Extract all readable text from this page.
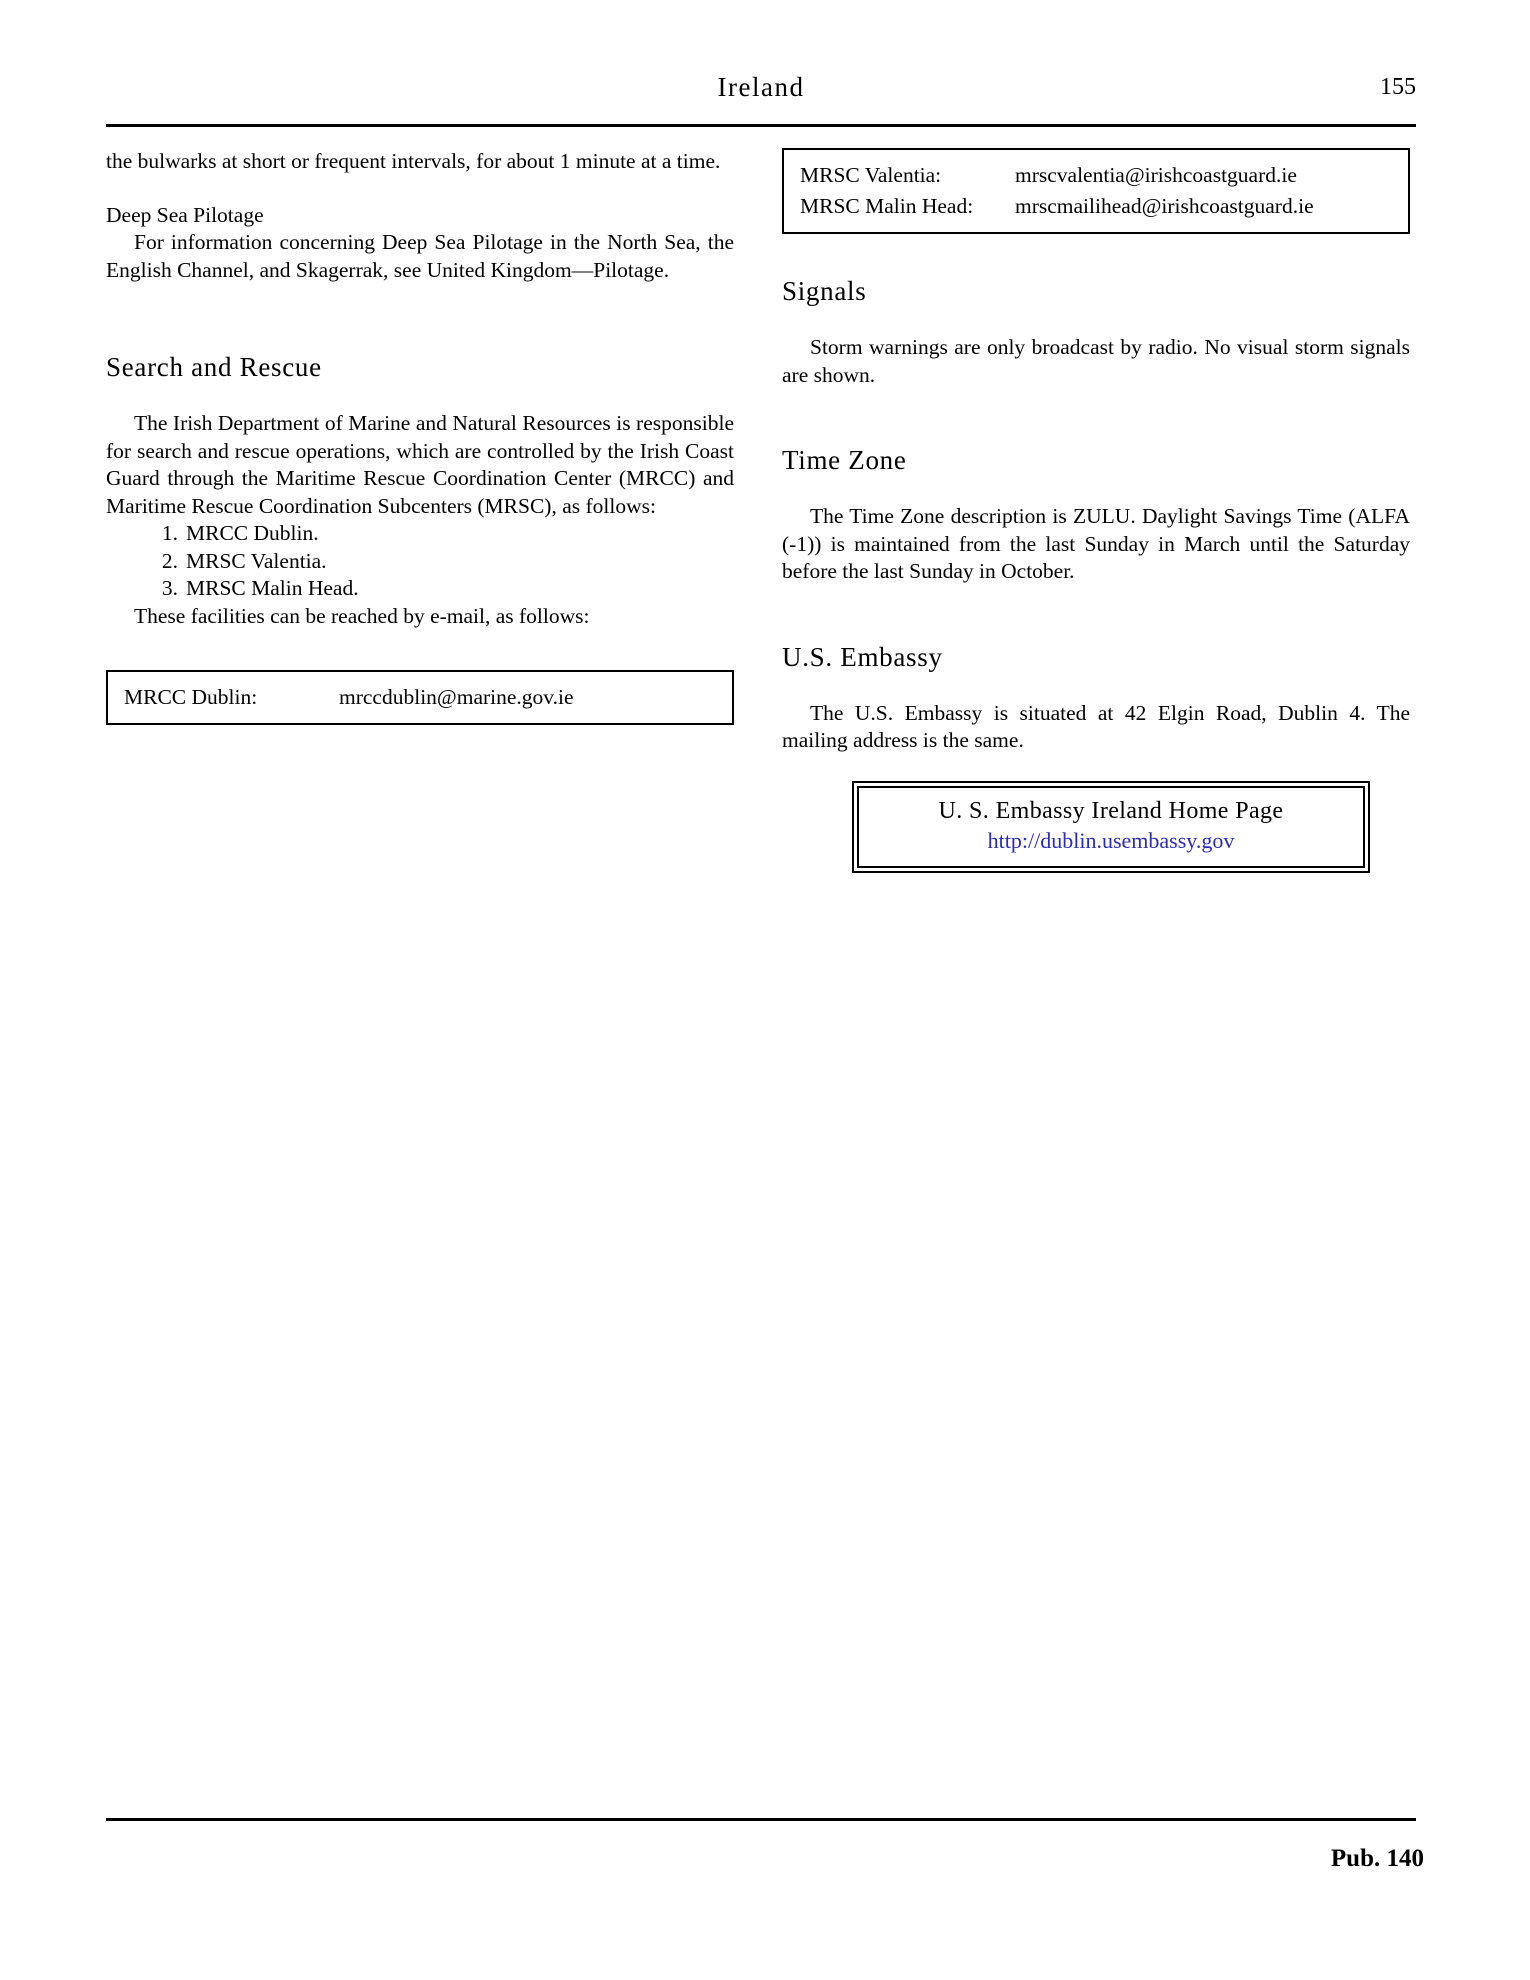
Ireland	155

the bulwarks at short or frequent intervals, for about 1 minute at a time.

Deep Sea Pilotage

For information concerning Deep Sea Pilotage in the North Sea, the English Channel, and Skagerrak, see United Kingdom—Pilotage.

Search and Rescue

The Irish Department of Marine and Natural Resources is responsible for search and rescue operations, which are controlled by the Irish Coast Guard through the Maritime Rescue Coordination Center (MRCC) and Maritime Rescue Coordination Subcenters (MRSC), as follows:

1. MRCC Dublin.
2. MRSC Valentia.
3. MRSC Malin Head.

These facilities can be reached by e-mail, as follows:

MRCC Dublin:	mrccdublin@marine.gov.ie
MRSC Valentia:	mrscvalentia@irishcoastguard.ie
MRSC Malin Head:	mrscmailihead@irishcoastguard.ie
Signals

Storm warnings are only broadcast by radio. No visual storm signals are shown.

Time Zone

The Time Zone description is ZULU. Daylight Savings Time (ALFA (-1)) is maintained from the last Sunday in March until the Saturday before the last Sunday in October.

U.S. Embassy

The U.S. Embassy is situated at 42 Elgin Road, Dublin 4. The mailing address is the same.

U. S. Embassy Ireland Home Page
http://dublin.usembassy.gov
Pub. 140
